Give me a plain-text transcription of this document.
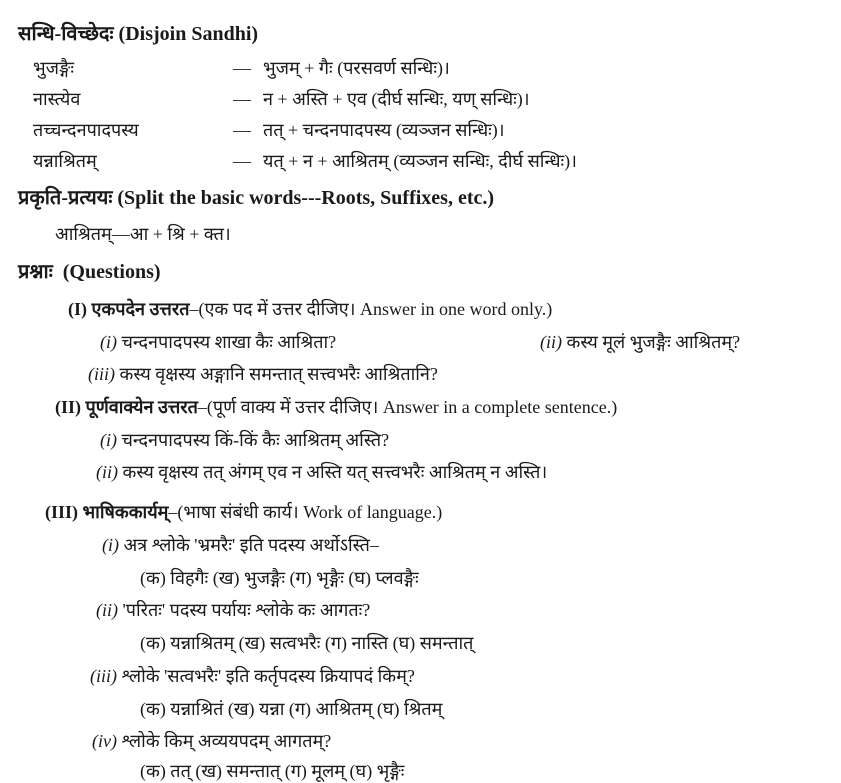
सन्धि-विच्छेदः (Disjoin Sandhi)
भुजङ्गैः	— भुजम् + गैः (परसवर्ण सन्धिः)।
नास्त्येव	— न + अस्ति + एव (दीर्घ सन्धिः, यण् सन्धिः)।
तच्चन्दनपादपस्य	— तत् + चन्दनपादपस्य (व्यञ्जन सन्धिः)।
यन्नाश्रितम्	— यत् + न + आश्रितम् (व्यञ्जन सन्धिः, दीर्घ सन्धिः)।
प्रकृति-प्रत्ययः (Split the basic words---Roots, Suffixes, etc.)
आश्रितम्—आ + श्रि + क्त।
प्रश्नाः (Questions)
(I) एकपदेन उत्तरत–(एक पद में उत्तर दीजिए। Answer in one word only.)
(i) चन्दनपादपस्य शाखा कैः आश्रिता?	(ii) कस्य मूलं भुजङ्गैः आश्रितम्?
(iii) कस्य वृक्षस्य अङ्गानि समन्तात् सत्त्वभरैः आश्रितानि?
(II) पूर्णवाक्येन उत्तरत–(पूर्ण वाक्य में उत्तर दीजिए। Answer in a complete sentence.)
(i) चन्दनपादपस्य किं-किं कैः आश्रितम् अस्ति?
(ii) कस्य वृक्षस्य तत् अंगम् एव न अस्ति यत् सत्त्वभरैः आश्रितम् न अस्ति।
(III) भाषिककार्यम्–(भाषा संबंधी कार्य। Work of language.)
(i) अत्र श्लोके 'भ्रमरैः' इति पदस्य अर्थोऽस्ति–
(क) विहगैः (ख) भुजङ्गैः (ग) भृङ्गैः (घ) प्लवङ्गैः
(ii) 'परितः' पदस्य पर्यायः श्लोके कः आगतः?
(क) यन्नाश्रितम् (ख) सत्वभरैः (ग) नास्ति (घ) समन्तात्
(iii) श्लोके 'सत्वभरैः' इति कर्तृपदस्य क्रियापदं किम्?
(क) यन्नाश्रितं (ख) यन्ना (ग) आश्रितम् (घ) श्रितम्
(iv) श्लोके किम् अव्ययपदम् आगतम्?
(क) तत् (ख) समन्तात् (ग) मूलम् (घ) भृङ्गैः
